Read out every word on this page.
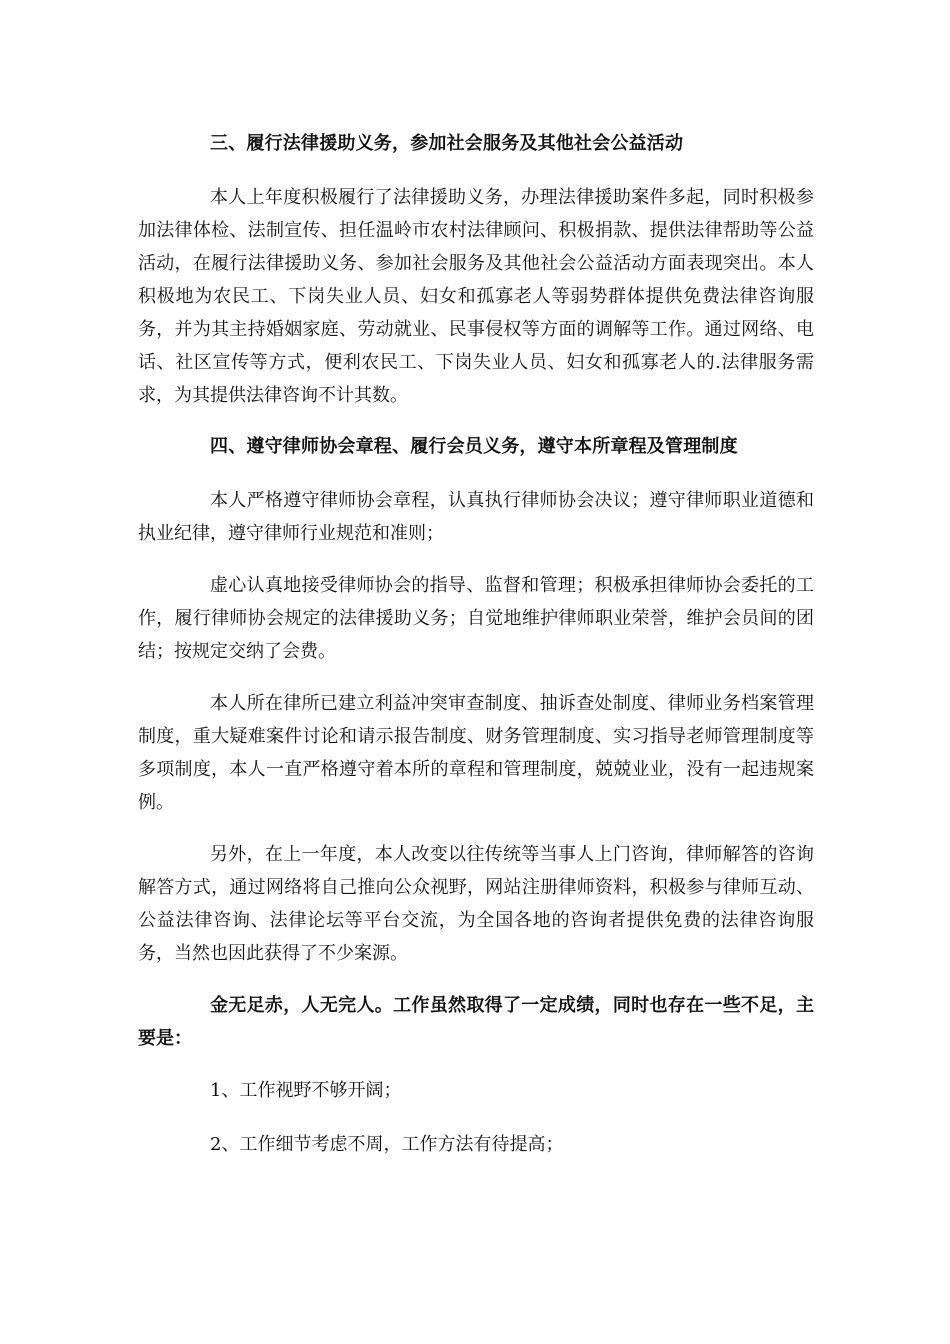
三、履行法律援助义务，参加社会服务及其他社会公益活动

本人上年度积极履行了法律援助义务，办理法律援助案件多起，同时积极参加法律体检、法制宣传、担任温岭市农村法律顾问、积极捐款、提供法律帮助等公益活动，在履行法律援助义务、参加社会服务及其他社会公益活动方面表现突出。本人积极地为农民工、下岗失业人员、妇女和孤寡老人等弱势群体提供免费法律咨询服务，并为其主持婚姻家庭、劳动就业、民事侵权等方面的调解等工作。通过网络、电话、社区宣传等方式，便利农民工、下岗失业人员、妇女和孤寡老人的.法律服务需求，为其提供法律咨询不计其数。

四、遵守律师协会章程、履行会员义务，遵守本所章程及管理制度

本人严格遵守律师协会章程，认真执行律师协会决议；遵守律师职业道德和执业纪律，遵守律师行业规范和准则；

虚心认真地接受律师协会的指导、监督和管理；积极承担律师协会委托的工作，履行律师协会规定的法律援助义务；自觉地维护律师职业荣誉，维护会员间的团结；按规定交纳了会费。

本人所在律所已建立利益冲突审查制度、抽诉查处制度、律师业务档案管理制度，重大疑难案件讨论和请示报告制度、财务管理制度、实习指导老师管理制度等多项制度，本人一直严格遵守着本所的章程和管理制度，兢兢业业，没有一起违规案例。

另外，在上一年度，本人改变以往传统等当事人上门咨询，律师解答的咨询解答方式，通过网络将自己推向公众视野，网站注册律师资料，积极参与律师互动、公益法律咨询、法律论坛等平台交流，为全国各地的咨询者提供免费的法律咨询服务，当然也因此获得了不少案源。

金无足赤，人无完人。工作虽然取得了一定成绩，同时也存在一些不足，主要是：

1、工作视野不够开阔；
2、工作细节考虑不周，工作方法有待提高；
